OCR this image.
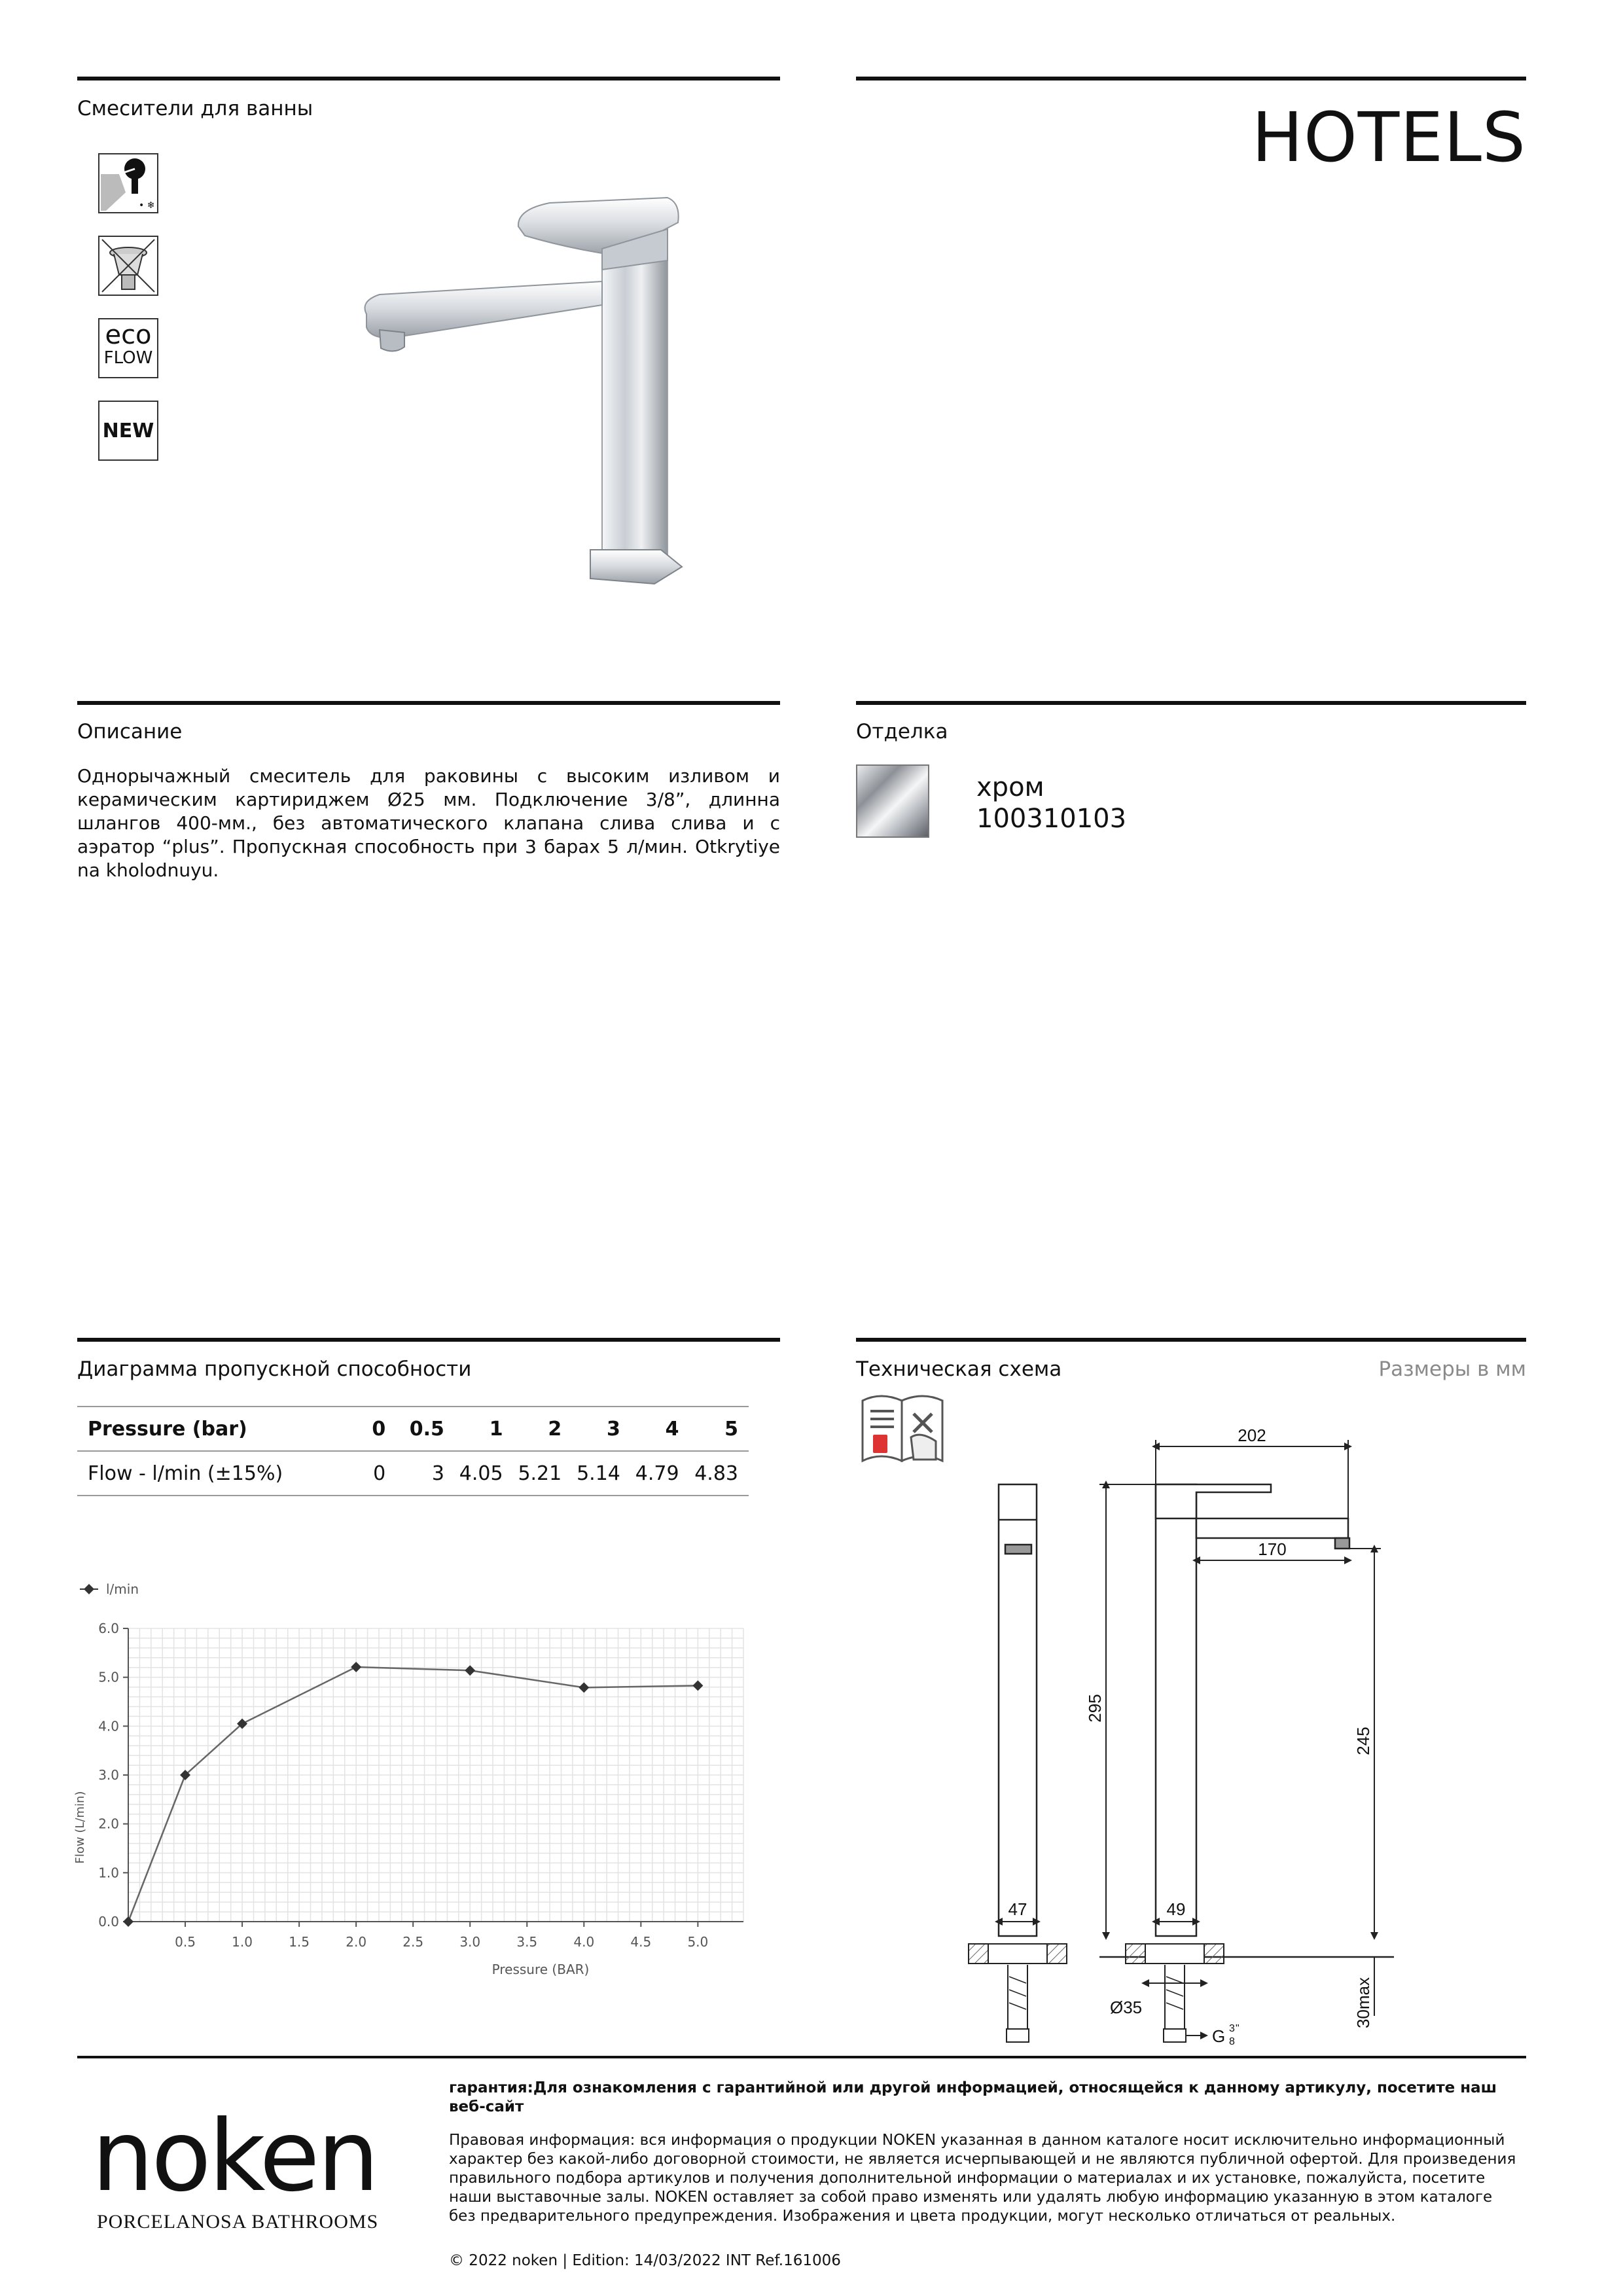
Смесители для ванны	HOTELS
• ❄
eco
FLOW
NEW
Описание
Однорычажный смеситель для раковины с высоким изливом и керамическим картириджем Ø25 мм. Подключение 3/8”, длинна шлангов 400-мм., без автоматического клапана слива слива и с аэратор “plus”. Пропускная способность при 3 барах 5 л/мин. Otkrytiye na kholodnuyu.
Отделка
хром
100310103
Диаграмма пропускной способности
Pressure (bar)	0	0.5	1	2	3	4	5
Flow - l/min (±15%)	0	3	4.05	5.21	5.14	4.79	4.83
0.0
1.0
2.0
3.0
4.0
5.0
6.0
0.5	1.0	1.5	2.0	2.5	3.0	3.5	4.0	4.5	5.0
Pressure (BAR)
Flow (L/min)
l/min
Техническая схема	Размеры в мм
202
170
295
245
47	49
Ø35
G 3
8
"
30max
noken
PORCELANOSA BATHROOMS
гарантия:Для ознакомления с гарантийной или другой информацией, относящейся к данному артикулу, посетите наш веб-сайт
Правовая информация: вся информация о продукции NOKEN указанная в данном каталоге носит исключительно информационный характер без какой-либо договорной стоимости, не является исчерпывающей и не являются публичной офертой. Для произведения правильного подбора артикулов и получения дополнительной информации о материалах и их установке, пожалуйста, посетите наши выставочные залы. NOKEN оставляет за собой право изменять или удалять любую информацию указанную в этом каталоге без предварительного предупреждения. Изображения и цвета продукции, могут несколько отличаться от реальных.
© 2022 noken | Edition: 14/03/2022 INT Ref.161006
